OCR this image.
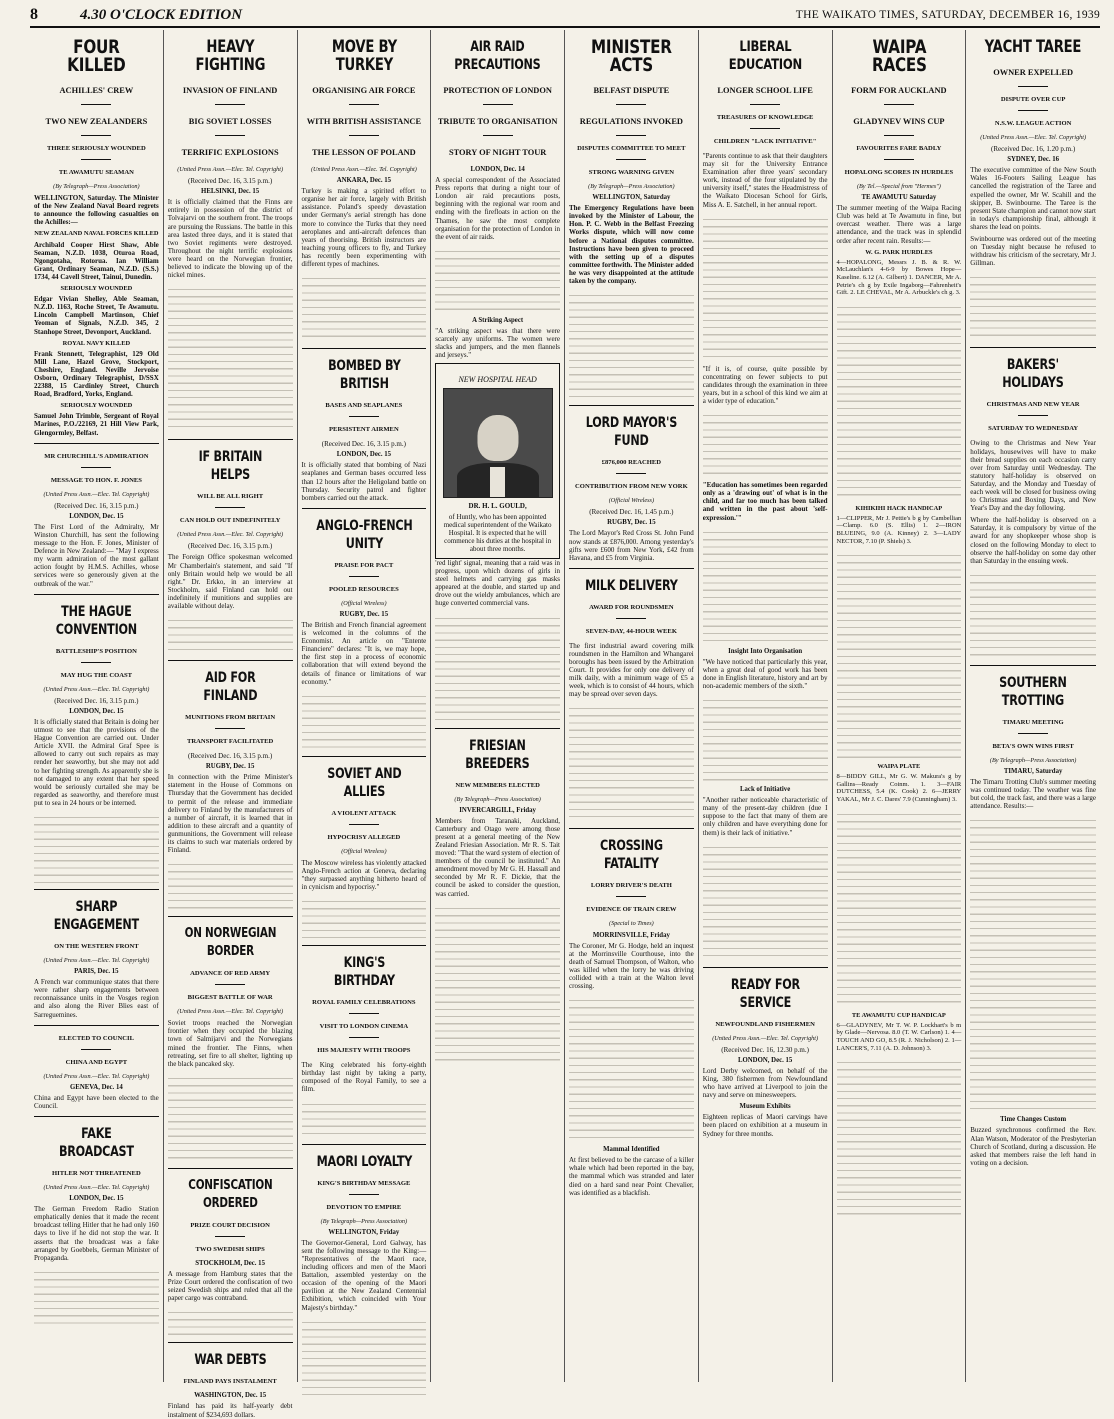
8	4.30 O'CLOCK EDITION	THE WAIKATO TIMES, SATURDAY, DECEMBER 16, 1939
FOUR KILLED
ACHILLES' CREW
TWO NEW ZEALANDERS
THREE SERIOUSLY WOUNDED
TE AWAMUTU SEAMAN
(By Telegraph—Press Association)

WELLINGTON, Saturday. The Minister of the New Zealand Naval Board regrets to announce the following casualties on the Achilles:—

NEW ZEALAND NAVAL FORCES KILLED

Archibald Cooper Hirst Shaw, Able Seaman, N.Z.D. 1038, Oturoa Road, Ngongotaha, Rotorua. Ian William Grant, Ordinary Seaman, N.Z.D. (S.S.) 1734, 44 Cavell Street, Tainui, Dunedin.

SERIOUSLY WOUNDED

Edgar Vivian Shelley, Able Seaman, N.Z.D. 1163, Roche Street, Te Awamutu. Lincoln Campbell Martinson, Chief Yeoman of Signals, N.Z.D. 345, 2 Stanhope Street, Devonport, Auckland.

ROYAL NAVY KILLED

Frank Stennett, Telegraphist, 129 Old Mill Lane, Hazel Grove, Stockport, Cheshire, England. Neville Jervoise Osborn, Ordinary Telegraphist, D/SSX 22388, 15 Cardinley Street, Church Road, Bradford, Yorks, England.

SERIOUSLY WOUNDED

Samuel John Trimble, Sergeant of Royal Marines, P.O./22169, 21 Hill View Park, Glengormley, Belfast.

MR CHURCHILL'S ADMIRATION
MESSAGE TO HON. F. JONES
(United Press Assn.—Elec. Tel. Copyright)
(Received Dec. 16, 3.15 p.m.)
LONDON, Dec. 15

The First Lord of the Admiralty, Mr Winston Churchill, has sent the following message to the Hon. F. Jones, Minister of Defence in New Zealand:— "May I express my warm admiration of the most gallant action fought by H.M.S. Achilles, whose services were so generously given at the outbreak of the war."

THE HAGUE CONVENTION
BATTLESHIP'S POSITION
MAY HUG THE COAST
(United Press Assn.—Elec. Tel. Copyright)
(Received Dec. 16, 3.15 p.m.)
LONDON, Dec. 15

It is officially stated that Britain is doing her utmost to see that the provisions of the Hague Convention are carried out. Under Article XVII. the Admiral Graf Spee is allowed to carry out such repairs as may render her seaworthy, but she may not add to her fighting strength. As apparently she is not damaged to any extent that her speed would be seriously curtailed she may be regarded as seaworthy, and therefore must put to sea in 24 hours or be interned.

SHARP ENGAGEMENT
ON THE WESTERN FRONT
(United Press Assn.—Elec. Tel. Copyright)
PARIS, Dec. 15

A French war communique states that there were rather sharp engagements between reconnaissance units in the Vosges region and also along the River Blies east of Sarreguemines.

ELECTED TO COUNCIL
CHINA AND EGYPT
(United Press Assn.—Elec. Tel. Copyright)
GENEVA, Dec. 14

China and Egypt have been elected to the Council.

FAKE BROADCAST
HITLER NOT THREATENED
(United Press Assn.—Elec. Tel. Copyright)
LONDON, Dec. 15

The German Freedom Radio Station emphatically denies that it made the recent broadcast telling Hitler that he had only 160 days to live if he did not stop the war. It asserts that the broadcast was a fake arranged by Goebbels, German Minister of Propaganda.

HEAVY FIGHTING
INVASION OF FINLAND
BIG SOVIET LOSSES
TERRIFIC EXPLOSIONS
(United Press Assn.—Elec. Tel. Copyright)
(Received Dec. 16, 3.15 p.m.)
HELSINKI, Dec. 15

It is officially claimed that the Finns are entirely in possession of the district of Tolvajarvi on the southern front. The troops are pursuing the Russians. The battle in this area lasted three days, and it is stated that two Soviet regiments were destroyed. Throughout the night terrific explosions were heard on the Norwegian frontier, believed to indicate the blowing up of the nickel mines.

IF BRITAIN HELPS
WILL BE ALL RIGHT
CAN HOLD OUT INDEFINITELY
(United Press Assn.—Elec. Tel. Copyright)
(Received Dec. 16, 3.15 p.m.)

The Foreign Office spokesman welcomed Mr Chamberlain's statement, and said "If only Britain would help we would be all right." Dr. Erkko, in an interview at Stockholm, said Finland can hold out indefinitely if munitions and supplies are available without delay.

AID FOR FINLAND
MUNITIONS FROM BRITAIN
TRANSPORT FACILITATED
(Received Dec. 16, 3.15 p.m.)
RUGBY, Dec. 15

In connection with the Prime Minister's statement in the House of Commons on Thursday that the Government has decided to permit of the release and immediate delivery to Finland by the manufacturers of a number of aircraft, it is learned that in addition to these aircraft and a quantity of gunmunitions, the Government will release its claims to such war materials ordered by Finland.

ON NORWEGIAN BORDER
ADVANCE OF RED ARMY
BIGGEST BATTLE OF WAR
(United Press Assn.—Elec. Tel. Copyright)

Soviet troops reached the Norwegian frontier when they occupied the blazing town of Salmijarvi and the Norwegians mined the frontier. The Finns, when retreating, set fire to all shelter, lighting up the black pancaked sky.

CONFISCATION ORDERED
PRIZE COURT DECISION
TWO SWEDISH SHIPS
STOCKHOLM, Dec. 15

A message from Hamburg states that the Prize Court ordered the confiscation of two seized Swedish ships and ruled that all the paper cargo was contraband.

WAR DEBTS
FINLAND PAYS INSTALMENT
WASHINGTON, Dec. 15

Finland has paid its half-yearly debt instalment of $234,693 dollars.

MOVE BY TURKEY
ORGANISING AIR FORCE
WITH BRITISH ASSISTANCE
THE LESSON OF POLAND
(United Press Assn.—Elec. Tel. Copyright)
ANKARA, Dec. 15

Turkey is making a spirited effort to organise her air force, largely with British assistance. Poland's speedy devastation under Germany's aerial strength has done more to convince the Turks that they need aeroplanes and anti-aircraft defences than years of theorising. British instructors are teaching young officers to fly, and Turkey has recently been experimenting with different types of machines.

BOMBED BY BRITISH
BASES AND SEAPLANES
PERSISTENT AIRMEN
(Received Dec. 16, 3.15 p.m.)
LONDON, Dec. 15

It is officially stated that bombing of Nazi seaplanes and German bases occurred less than 12 hours after the Heligoland battle on Thursday. Security patrol and fighter bombers carried out the attack.

ANGLO-FRENCH UNITY
PRAISE FOR PACT
POOLED RESOURCES
(Official Wireless)
RUGBY, Dec. 15

The British and French financial agreement is welcomed in the columns of the Economist. An article on "Entente Financiere" declares: "It is, we may hope, the first step in a process of economic collaboration that will extend beyond the details of finance or limitations of war economy."

SOVIET AND ALLIES
A VIOLENT ATTACK
HYPOCRISY ALLEGED
(Official Wireless)

The Moscow wireless has violently attacked Anglo-French action at Geneva, declaring "they surpassed anything hitherto heard of in cynicism and hypocrisy."

KING'S BIRTHDAY
ROYAL FAMILY CELEBRATIONS
VISIT TO LONDON CINEMA
HIS MAJESTY WITH TROOPS

The King celebrated his forty-eighth birthday last night by taking a party, composed of the Royal Family, to see a film.

MAORI LOYALTY
KING'S BIRTHDAY MESSAGE
DEVOTION TO EMPIRE
(By Telegraph—Press Association)
WELLINGTON, Friday

The Governor-General, Lord Galway, has sent the following message to the King:— "Representatives of the Maori race, including officers and men of the Maori Battalion, assembled yesterday on the occasion of the opening of the Maori pavilion at the New Zealand Centennial Exhibition, which coincided with Your Majesty's birthday."

AIR RAID PRECAUTIONS
PROTECTION OF LONDON
TRIBUTE TO ORGANISATION
STORY OF NIGHT TOUR
LONDON, Dec. 14

A special correspondent of the Associated Press reports that during a night tour of London air raid precautions posts, beginning with the regional war room and ending with the firefloats in action on the Thames, he saw the most complete organisation for the protection of London in the event of air raids.

A Striking Aspect

"A striking aspect was that there were scarcely any uniforms. The women were slacks and jumpers, and the men flannels and jerseys."

NEW HOSPITAL HEAD
DR. H. L. GOULD,
of Huntly, who has been appointed medical superintendent of the Waikato Hospital. It is expected that he will commence his duties at the hospital in about three months.

'red light' signal, meaning that a raid was in progress, upon which dozens of girls in steel helmets and carrying gas masks appeared at the double, and started up and drove out the wieldy ambulances, which are huge converted commercial vans.

FRIESIAN BREEDERS
NEW MEMBERS ELECTED
(By Telegraph—Press Association)
INVERCARGILL, Friday

Members from Taranaki, Auckland, Canterbury and Otago were among those present at a general meeting of the New Zealand Friesian Association. Mr R. S. Tait moved: "That the ward system of election of members of the council be instituted." An amendment moved by Mr G. H. Hassall and seconded by Mr R. F. Dickie, that the council be asked to consider the question, was carried.

MINISTER ACTS
BELFAST DISPUTE
REGULATIONS INVOKED
DISPUTES COMMITTEE TO MEET
STRONG WARNING GIVEN
(By Telegraph—Press Association)
WELLINGTON, Saturday

The Emergency Regulations have been invoked by the Minister of Labour, the Hon. P. C. Webb in the Belfast Freezing Works dispute, which will now come before a National disputes committee. Instructions have been given to proceed with the setting up of a disputes committee forthwith. The Minister added he was very disappointed at the attitude taken by the company.

LORD MAYOR'S FUND
£876,000 REACHED
CONTRIBUTION FROM NEW YORK
(Official Wireless)
(Received Dec. 16, 1.45 p.m.)
RUGBY, Dec. 15

The Lord Mayor's Red Cross St. John Fund now stands at £876,000. Among yesterday's gifts were £600 from New York, £42 from Havana, and £5 from Virginia.

MILK DELIVERY
AWARD FOR ROUNDSMEN
SEVEN-DAY, 44-HOUR WEEK

The first industrial award covering milk roundsmen in the Hamilton and Whangarei boroughs has been issued by the Arbitration Court. It provides for only one delivery of milk daily, with a minimum wage of £5 a week, which is to consist of 44 hours, which may be spread over seven days.

CROSSING FATALITY
LORRY DRIVER'S DEATH
EVIDENCE OF TRAIN CREW
(Special to Times)
MORRINSVILLE, Friday

The Coroner, Mr G. Hodge, held an inquest at the Morrinsville Courthouse, into the death of Samuel Thompson, of Walton, who was killed when the lorry he was driving collided with a train at the Walton level crossing.

Mammal Identified

At first believed to be the carcase of a killer whale which had been reported in the bay, the mammal which was stranded and later died on a hard sand near Point Chevalier, was identified as a blackfish.

LIBERAL EDUCATION
LONGER SCHOOL LIFE
TREASURES OF KNOWLEDGE
CHILDREN "LACK INITIATIVE"

"Parents continue to ask that their daughters may sit for the University Entrance Examination after three years' secondary work, instead of the four stipulated by the university itself," states the Headmistress of the Waikato Diocesan School for Girls, Miss A. E. Satchell, in her annual report.

"If it is, of course, quite possible by concentrating on fewer subjects to put candidates through the examination in three years, but in a school of this kind we aim at a wider type of education."

"Education has sometimes been regarded only as a 'drawing out' of what is in the child, and far too much has been talked and written in the past about 'self-expression.'"

Insight Into Organisation

"We have noticed that particularly this year, when a great deal of good work has been done in English literature, history and art by non-academic members of the sixth."

Lack of Initiative

"Another rather noticeable characteristic of many of the present-day children (due I suppose to the fact that many of them are only children and have everything done for them) is their lack of initiative."

READY FOR SERVICE
NEWFOUNDLAND FISHERMEN
(United Press Assn.—Elec. Tel. Copyright)
(Received Dec. 16, 12.30 p.m.)
LONDON, Dec. 15

Lord Derby welcomed, on behalf of the King, 380 fishermen from Newfoundland who have arrived at Liverpool to join the navy and serve on minesweepers.

Museum Exhibits

Eighteen replicas of Maori carvings have been placed on exhibition at a museum in Sydney for three months.

WAIPA RACES
FORM FOR AUCKLAND
GLADYNEV WINS CUP
FAVOURITES FARE BADLY
HOPALONG SCORES IN HURDLES
(By Tel.—Special from "Hermes")
TE AWAMUTU Saturday

The summer meeting of the Waipa Racing Club was held at Te Awamutu in fine, but overcast weather. There was a large attendance, and the track was in splendid order after recent rain. Results:—

W. G. PARK HURDLES

4—HOPALONG, Messrs J. B. & R. W. McLauchlan's 4-6-9 by Bowes Hope—Kaseline. 6.12 (A. Gilbert) 1. DANCER, Mr A. Petrie's ch g by Exile Ingaborg—Fahrenheit's Gift. 2. LE CHEVAL, Mr A. Arbuckle's ch g. 3.

KIHIKIHI HACK HANDICAP

1—CLIPPER, Mr J. Pettie's b g by Cambellian—Clamp. 6.0 (S. Ellis) 1. 2—IRON BLUEING, 9.0 (A. Kinney) 2. 3—LADY NECTOR, 7.10 (P. Shiels) 3.

WAIPA PLATE

8—BIDDY GILL, Mr G. W. Makura's g by Gallins—Ready Coinm. 1. 3—FAIR DUTCHESS, 5.4 (K. Cook) 2. 6—JERRY YAKAL, Mr J. C. Dares' 7.9 (Cunningham) 3.

TE AWAMUTU CUP HANDICAP

6—GLADYNEV, Mr T. W. P. Lockhart's b m by Glade—Nervosa. 8.0 (T. W. Carlson) 1. 4—TOUCH AND GO, 8.5 (R. J. Nicholson) 2. 1—LANCER'S, 7.11 (A. D. Johnson) 3.

YACHT TAREE
OWNER EXPELLED
DISPUTE OVER CUP
N.S.W. LEAGUE ACTION
(United Press Assn.—Elec. Tel. Copyright)
(Received Dec. 16, 1.20 p.m.)
SYDNEY, Dec. 16

The executive committee of the New South Wales 16-Footers Sailing League has cancelled the registration of the Taree and expelled the owner, Mr W. Scahill and the skipper, B. Swinbourne. The Taree is the present State champion and cannot now start in today's championship final, although it shares the lead on points.

Swinbourne was ordered out of the meeting on Tuesday night because he refused to withdraw his criticism of the secretary, Mr J. Gillman.

BAKERS' HOLIDAYS
CHRISTMAS AND NEW YEAR
SATURDAY TO WEDNESDAY

Owing to the Christmas and New Year holidays, housewives will have to make their bread supplies on each occasion carry over from Saturday until Wednesday. The statutory half-holiday is observed on Saturday, and the Monday and Tuesday of each week will be closed for business owing to Christmas and Boxing Days, and New Year's Day and the day following.

Where the half-holiday is observed on a Saturday, it is compulsory by virtue of the award for any shopkeeper whose shop is closed on the following Monday to elect to observe the half-holiday on some day other than Saturday in the ensuing week.

SOUTHERN TROTTING
TIMARU MEETING
BETA'S OWN WINS FIRST
(By Telegraph—Press Association)
TIMARU, Saturday

The Timaru Trotting Club's summer meeting was continued today. The weather was fine but cold, the track fast, and there was a large attendance. Results:—

Time Changes Custom

Buzzed synchronous confirmed the Rev. Alan Watson, Moderator of the Presbyterian Church of Scotland, during a discussion. He asked that members raise the left hand in voting on a decision.
